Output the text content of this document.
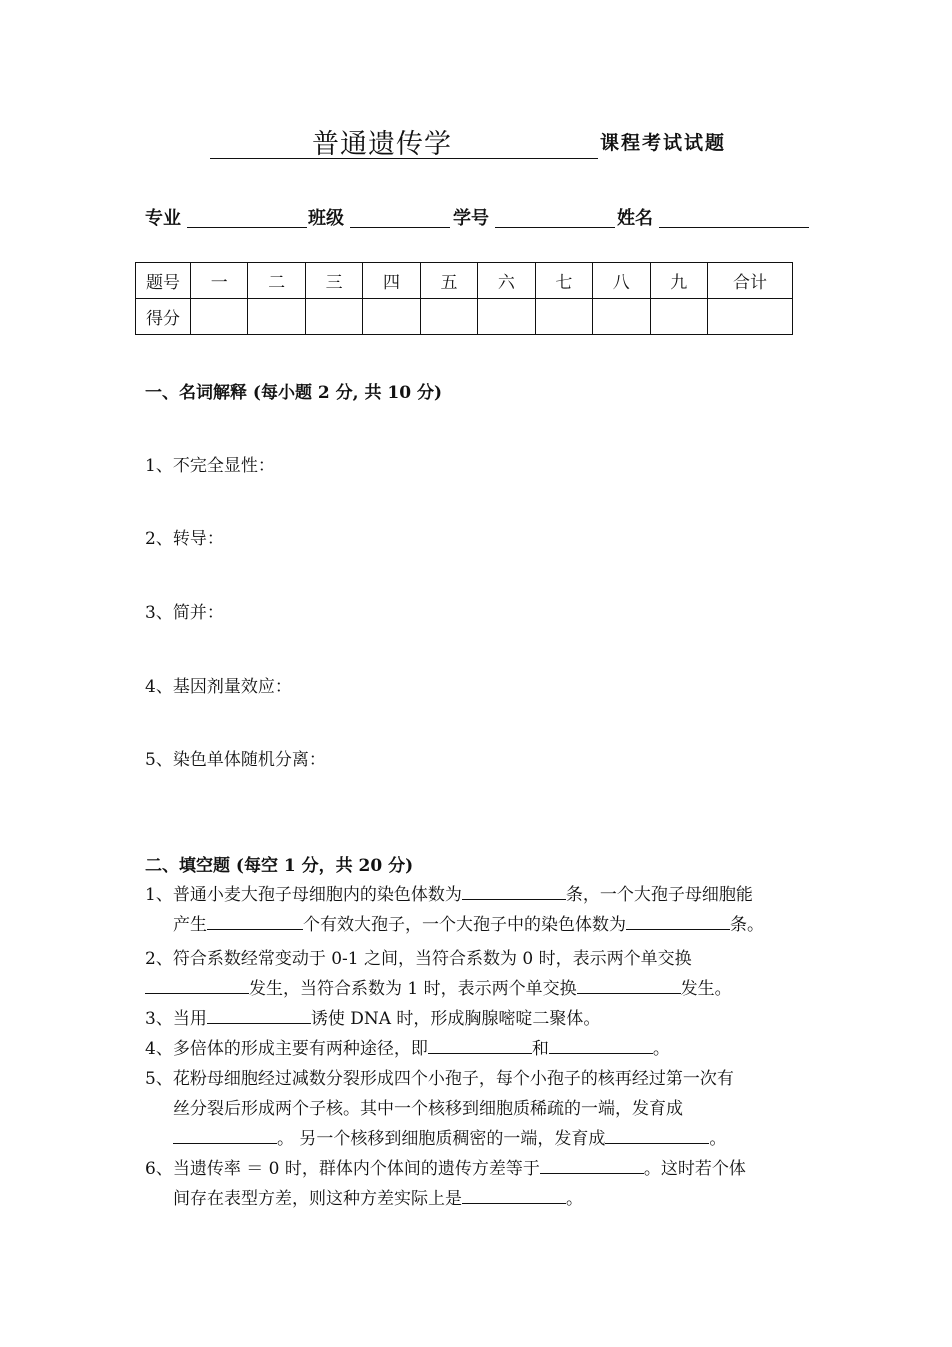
普通遗传学	课程考试试题
专业	班级	学号	姓名
题号	一	二	三	四	五	六	七	八	九	合计
得分										
一、名词解释 (每小题 2 分, 共 10 分)
1、不完全显性：
2、转导：
3、简并：
4、基因剂量效应：
5、染色单体随机分离：
二、填空题 (每空 1 分，共 20 分)
1、普通小麦大孢子母细胞内的染色体数为	条，一个大孢子母细胞能
产生	个有效大孢子，一个大孢子中的染色体数为	条。
2、符合系数经常变动于 0-1 之间，当符合系数为 0 时，表示两个单交换
发生，当符合系数为 1 时，表示两个单交换	发生。
3、当用	诱使 DNA 时，形成胸腺嘧啶二聚体。
4、多倍体的形成主要有两种途径，即	和	。
5、花粉母细胞经过减数分裂形成四个小孢子，每个小孢子的核再经过第一次有
丝分裂后形成两个子核。其中一个核移到细胞质稀疏的一端，发育成
。 另一个核移到细胞质稠密的一端，发育成	。
6、当遗传率 ＝ 0 时，群体内个体间的遗传方差等于	。这时若个体
间存在表型方差，则这种方差实际上是	。
